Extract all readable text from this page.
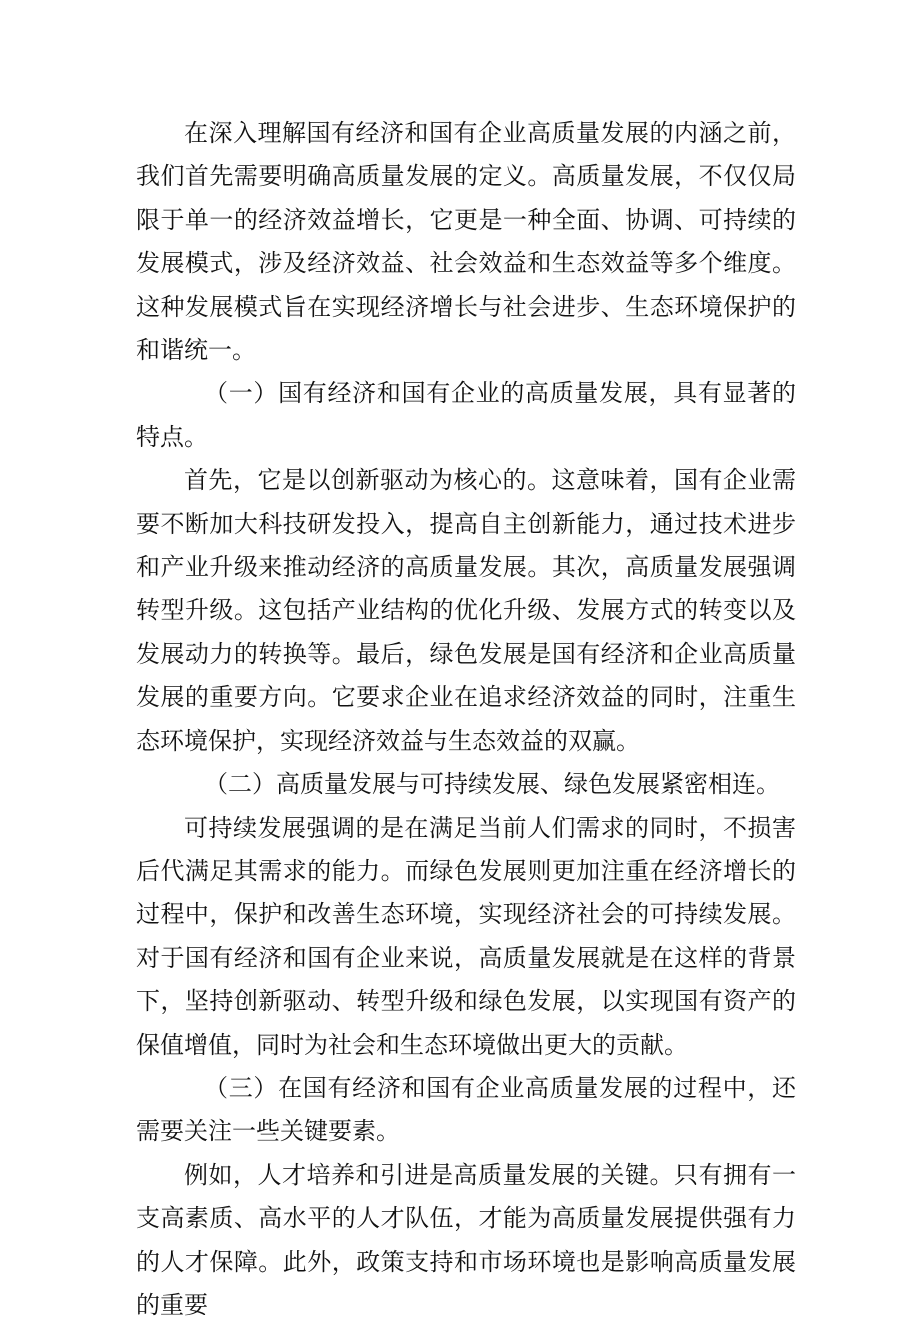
在深入理解国有经济和国有企业高质量发展的内涵之前，我们首先需要明确高质量发展的定义。高质量发展，不仅仅局限于单一的经济效益增长，它更是一种全面、协调、可持续的发展模式，涉及经济效益、社会效益和生态效益等多个维度。这种发展模式旨在实现经济增长与社会进步、生态环境保护的和谐统一。

（一）国有经济和国有企业的高质量发展，具有显著的特点。

首先，它是以创新驱动为核心的。这意味着，国有企业需要不断加大科技研发投入，提高自主创新能力，通过技术进步和产业升级来推动经济的高质量发展。其次，高质量发展强调转型升级。这包括产业结构的优化升级、发展方式的转变以及发展动力的转换等。最后，绿色发展是国有经济和企业高质量发展的重要方向。它要求企业在追求经济效益的同时，注重生态环境保护，实现经济效益与生态效益的双赢。

（二）高质量发展与可持续发展、绿色发展紧密相连。

可持续发展强调的是在满足当前人们需求的同时，不损害后代满足其需求的能力。而绿色发展则更加注重在经济增长的过程中，保护和改善生态环境，实现经济社会的可持续发展。对于国有经济和国有企业来说，高质量发展就是在这样的背景下，坚持创新驱动、转型升级和绿色发展，以实现国有资产的保值增值，同时为社会和生态环境做出更大的贡献。

（三）在国有经济和国有企业高质量发展的过程中，还需要关注一些关键要素。

例如，人才培养和引进是高质量发展的关键。只有拥有一支高素质、高水平的人才队伍，才能为高质量发展提供强有力的人才保障。此外，政策支持和市场环境也是影响高质量发展的重要
